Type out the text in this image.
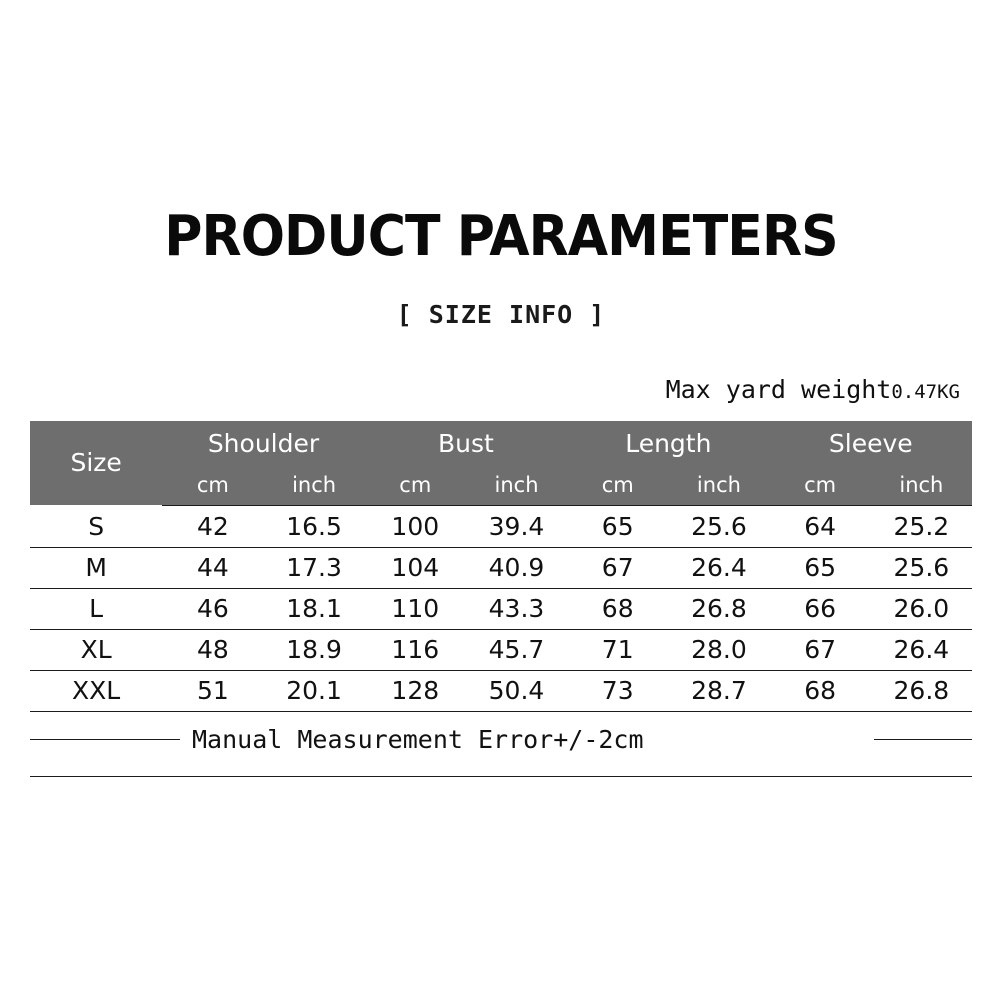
PRODUCT PARAMETERS
[ SIZE INFO ]
Max yard weight 0.47KG
Size	Shoulder		Bust		Length		Sleeve	
	cm	inch	cm	inch	cm	inch	cm	inch
S	42	16.5	100	39.4	65	25.6	64	25.2
M	44	17.3	104	40.9	67	26.4	65	25.6
L	46	18.1	110	43.3	68	26.8	66	26.0
XL	48	18.9	116	45.7	71	28.0	67	26.4
XXL	51	20.1	128	50.4	73	28.7	68	26.8
Manual Measurement Error+/-2cm
